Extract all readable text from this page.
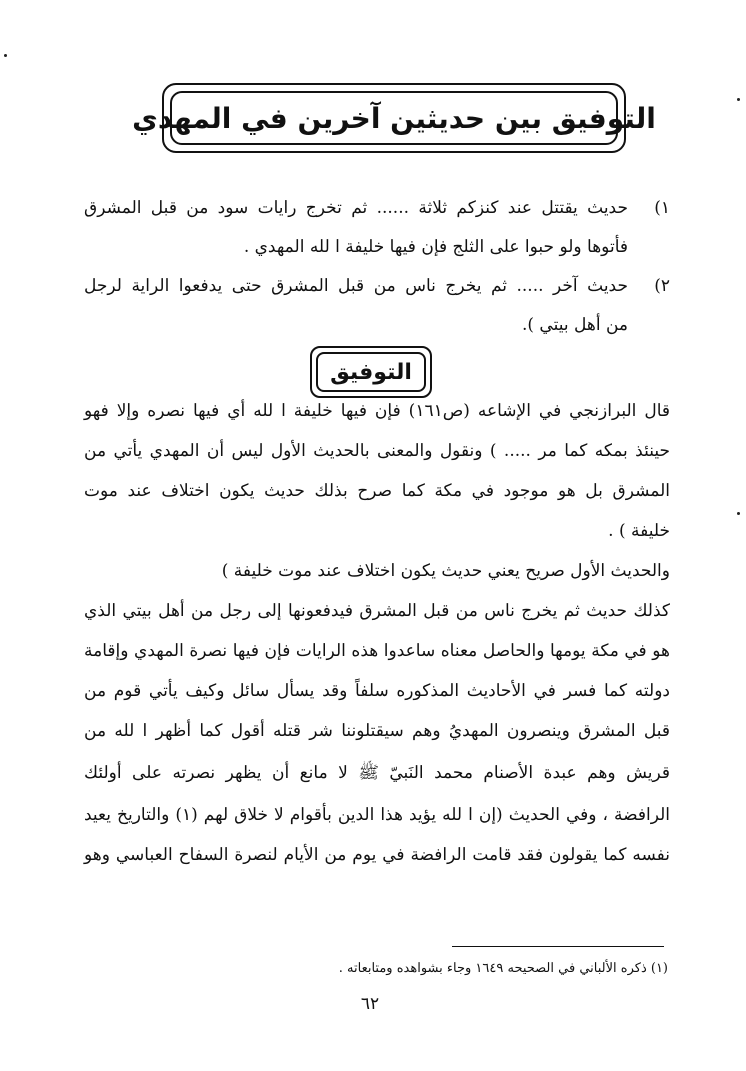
التوفيق بين حديثين آخرين في المهدي
١)
حديث يقتتل عند كنزكم ثلاثة ...... ثم تخرج رايات سود من قبل المشرق
فأتوها ولو حبوا على الثلج فإن فيها خليفة ا لله المهدي .
٢)
حديث آخر ..... ثم يخرج ناس من قبل المشرق حتى يدفعوا الراية لرجل
من أهل بيتي ).
التوفيق

قال البرازنجي في الإشاعه (ص١٦١) فإن فيها خليفة ا لله أي فيها نصره وإلا فهو

حينئذ بمكه كما مر ..... ) ونقول والمعنى بالحديث الأول ليس أن المهدي يأتي من

المشرق بل هو موجود في مكة كما صرح بذلك حديث يكون اختلاف عند موت

خليفة ) .

والحديث الأول صريح يعني حديث يكون اختلاف عند موت خليفة )

كذلك حديث ثم يخرج ناس من قبل المشرق فيدفعونها إلى رجل من أهل بيتي الذي

هو في مكة يومها والحاصل معناه ساعدوا هذه الرايات فإن فيها نصرة المهدي وإقامة

دولته كما فسر في الأحاديث المذكوره سلفاً وقد يسأل سائل وكيف يأتي قوم من

قبل المشرق وينصرون المهديُ وهم سيقتلوننا شر قتله أقول كما أظهر ا لله من

قريش وهم عبدة الأصنام محمد النَبيّ ﷺ لا مانع أن يظهر نصرته على أولئك

الرافضة ، وفي الحديث (إن ا لله يؤيد هذا الدين بأقوام لا خلاق لهم (١) والتاريخ يعيد

نفسه كما يقولون فقد قامت الرافضة في يوم من الأيام لنصرة السفاح العباسي وهو

(١) ذكره الألباني في الصحيحه ١٦٤٩ وجاء بشواهده ومتابعاته .
٦٢
